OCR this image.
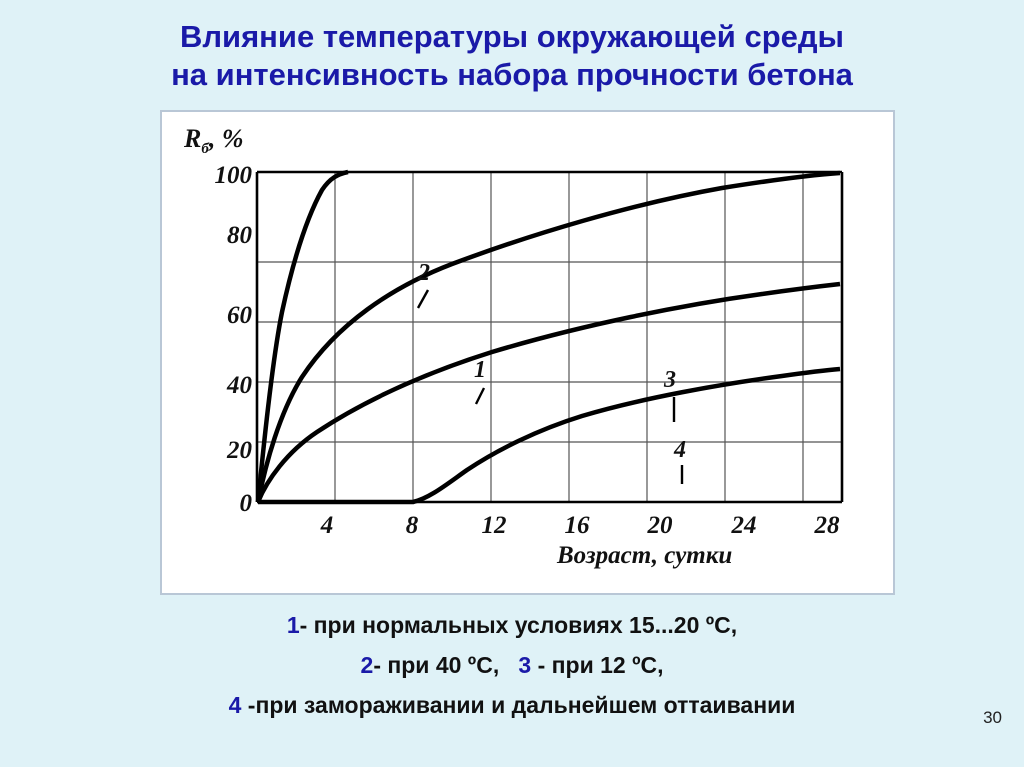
Влияние температуры окружающей среды
на интенсивность набора прочности бетона
$R_б$, %
100
80
60
40
20
0
4	8	12	16	20	24	28
Возраст, сутки
2
1	3
4
1- при нормальных условиях 15...20 ºC,
2- при 40 ºC, 3 - при 12 ºC,
4 -при замораживании и дальнейшем оттаивании	30
